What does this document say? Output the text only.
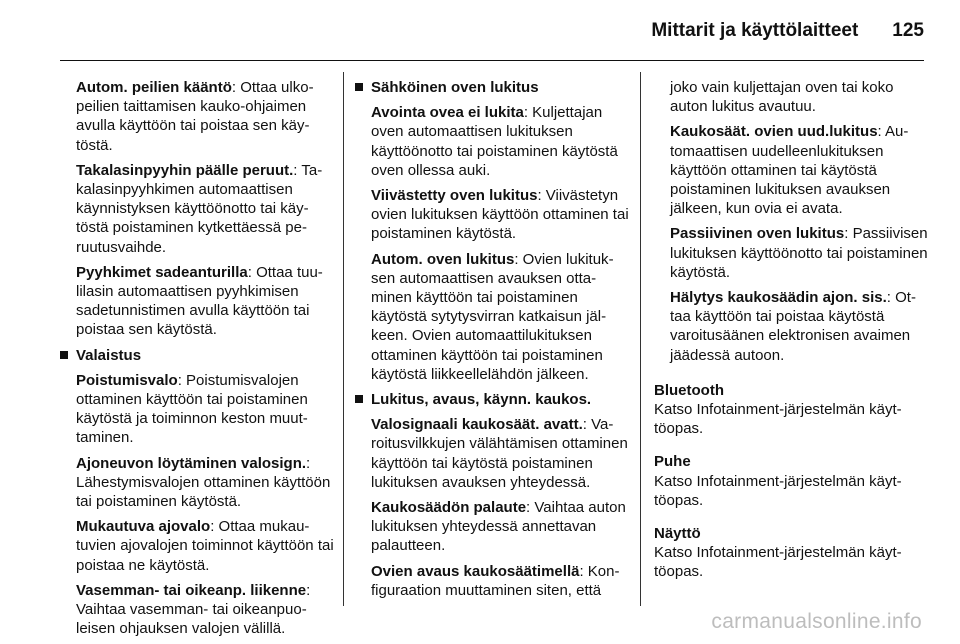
Mittarit ja käyttölaitteet 125
Autom. peilien kääntö: Ottaa ulkopeilien taittamisen kauko-ohjaimen avulla käyttöön tai poistaa sen käytöstä.
Takalasinpyyhin päälle peruut.: Takalasinpyyhkimen automaattisen käynnistyksen käyttöönotto tai käytöstä poistaminen kytkettäessä peruutusvaihde.
Pyyhkimet sadeanturilla: Ottaa tuulilasin automaattisen pyyhkimisen sadetunnistimen avulla käyttöön tai poistaa sen käytöstä.
Valaistus
Poistumisvalo: Poistumisvalojen ottaminen käyttöön tai poistaminen käytöstä ja toiminnon keston muuttaminen.
Ajoneuvon löytäminen valosign.: Lähestymisvalojen ottaminen käyttöön tai poistaminen käytöstä.
Mukautuva ajovalo: Ottaa mukautuvien ajovalojen toiminnot käyttöön tai poistaa ne käytöstä.
Vasemman- tai oikeanp. liikenne: Vaihtaa vasemman- tai oikeanpuoleisen ohjauksen valojen välillä.
Sähköinen oven lukitus
Avointa ovea ei lukita: Kuljettajan oven automaattisen lukituksen käyttöönotto tai poistaminen käytöstä oven ollessa auki.
Viivästetty oven lukitus: Viivästetyn ovien lukituksen käyttöön ottaminen tai poistaminen käytöstä.
Autom. oven lukitus: Ovien lukituksen automaattisen avauksen ottaminen käyttöön tai poistaminen käytöstä sytytysvirran katkaisun jälkeen. Ovien automaattilukituksen ottaminen käyttöön tai poistaminen käytöstä liikkeellelähdön jälkeen.
Lukitus, avaus, käynn. kaukos.
Valosignaali kaukosäät. avatt.: Varoitusvilkkujen välähtämisen ottaminen käyttöön tai käytöstä poistaminen lukituksen avauksen yhteydessä.
Kaukosäädön palaute: Vaihtaa auton lukituksen yhteydessä annettavan palautteen.
Ovien avaus kaukosäätimellä: Konfiguraation muuttaminen siten, että
joko vain kuljettajan oven tai koko auton lukitus avautuu.
Kaukosäät. ovien uud.lukitus: Automaattisen uudelleenlukituksen käyttöön ottaminen tai käytöstä poistaminen lukituksen avauksen jälkeen, kun ovia ei avata.
Passiivinen oven lukitus: Passiivisen lukituksen käyttöönotto tai poistaminen käytöstä.
Hälytys kaukosäädin ajon. sis.: Ottaa käyttöön tai poistaa käytöstä varoitusäänen elektronisen avaimen jäädessä autoon.
Bluetooth
Katso Infotainment-järjestelmän käyttöopas.
Puhe
Katso Infotainment-järjestelmän käyttöopas.
Näyttö
Katso Infotainment-järjestelmän käyttöopas.
carmanualsonline.info
